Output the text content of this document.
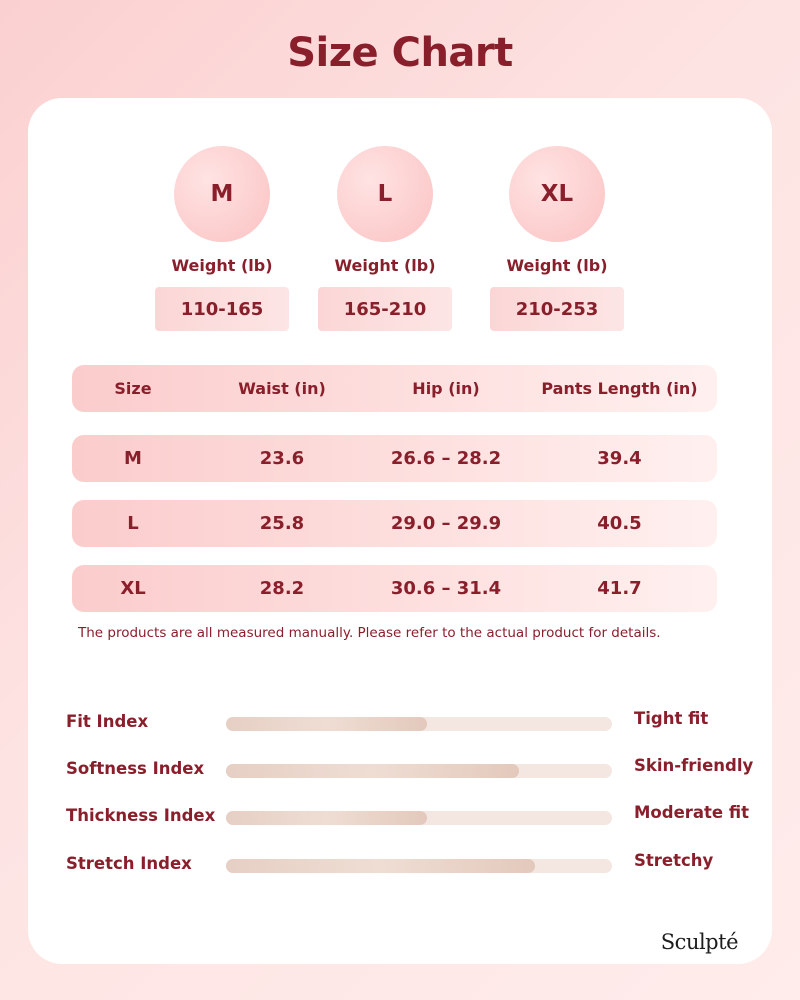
Size Chart
M
Weight (lb)
110-165
L
Weight (lb)
165-210
XL
Weight (lb)
210-253
Size	Waist (in)	Hip (in)	Pants Length (in)
M	23.6	26.6 – 28.2	39.4
L	25.8	29.0 – 29.9	40.5
XL	28.2	30.6 – 31.4	41.7
The products are all measured manually. Please refer to the actual product for details.
Fit Index	Tight fit
Softness Index	Skin-friendly
Thickness Index	Moderate fit
Stretch Index	Stretchy
Sculpté
